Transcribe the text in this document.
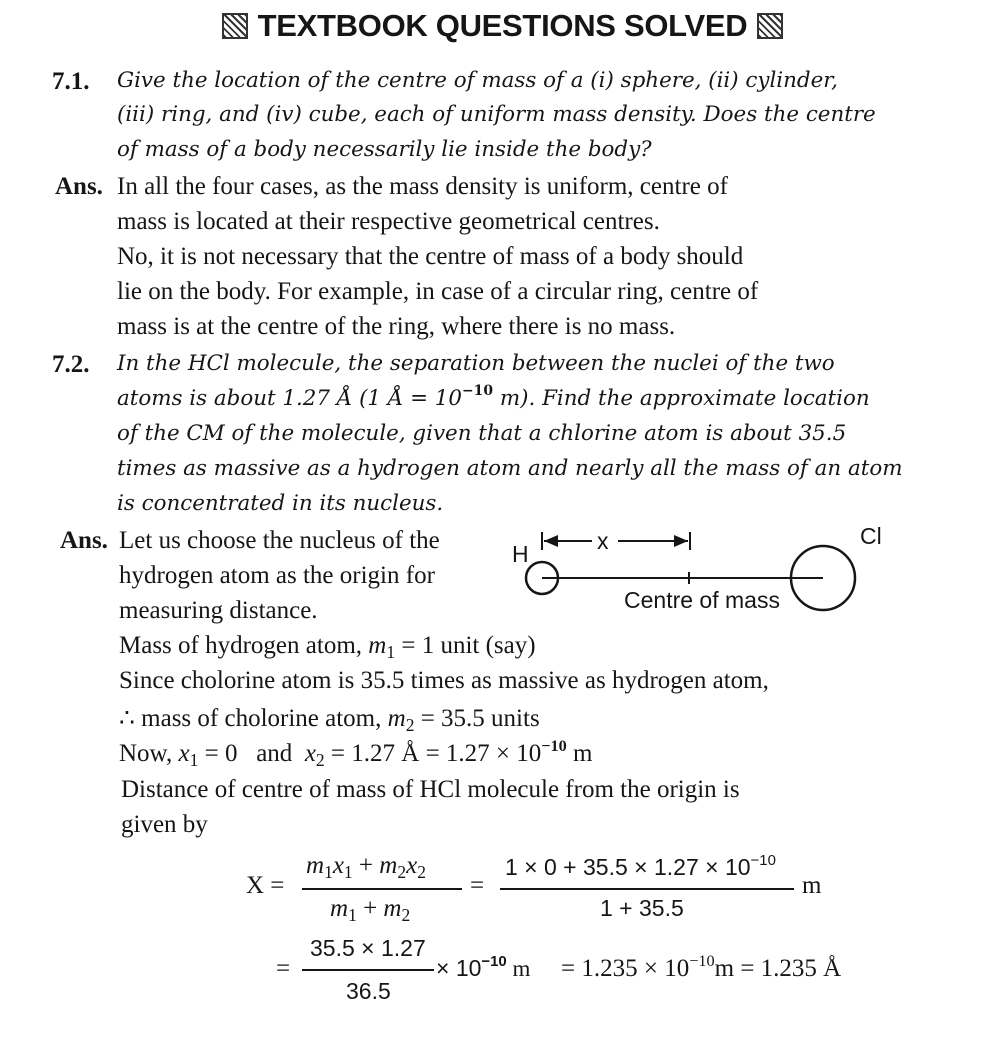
TEXTBOOK QUESTIONS SOLVED
7.1. Give the location of the centre of mass of a (i) sphere, (ii) cylinder,
(iii) ring, and (iv) cube, each of uniform mass density. Does the centre
of mass of a body necessarily lie inside the body?
Ans. In all the four cases, as the mass density is uniform, centre of
mass is located at their respective geometrical centres.
No, it is not necessary that the centre of mass of a body should
lie on the body. For example, in case of a circular ring, centre of
mass is at the centre of the ring, where there is no mass.
7.2. In the HCl molecule, the separation between the nuclei of the two
atoms is about 1.27 Å (1 Å = $10^{-10}$ m). Find the approximate location
of the CM of the molecule, given that a chlorine atom is about 35.5
times as massive as a hydrogen atom and nearly all the mass of an atom
is concentrated in its nucleus.
Ans. Let us choose the nucleus of the
hydrogen atom as the origin for
measuring distance.
H
Cl
x
Centre of mass
Mass of hydrogen atom, $m_1 = 1$ unit (say)
Since cholorine atom is 35.5 times as massive as hydrogen atom,
∴ mass of cholorine atom, $m_2 = 35.5$ units
Now, $x_1 = 0$   and  $x_2 = 1.27$ Å = $1.27 \times 10^{-10}$ m
Distance of centre of mass of HCl molecule from the origin is
given by
X =
$m_1x_1 + m_2x_2$
$m_1 + m_2$
=
$1 \times 0 + 35.5 \times 1.27 \times 10^{-10}$
1 + 35.5
m
=
35.5 × 1.27
36.5
× $10^{-10}$ $m = 1.235 \times 10^{-10}m = 1.235$ Å
